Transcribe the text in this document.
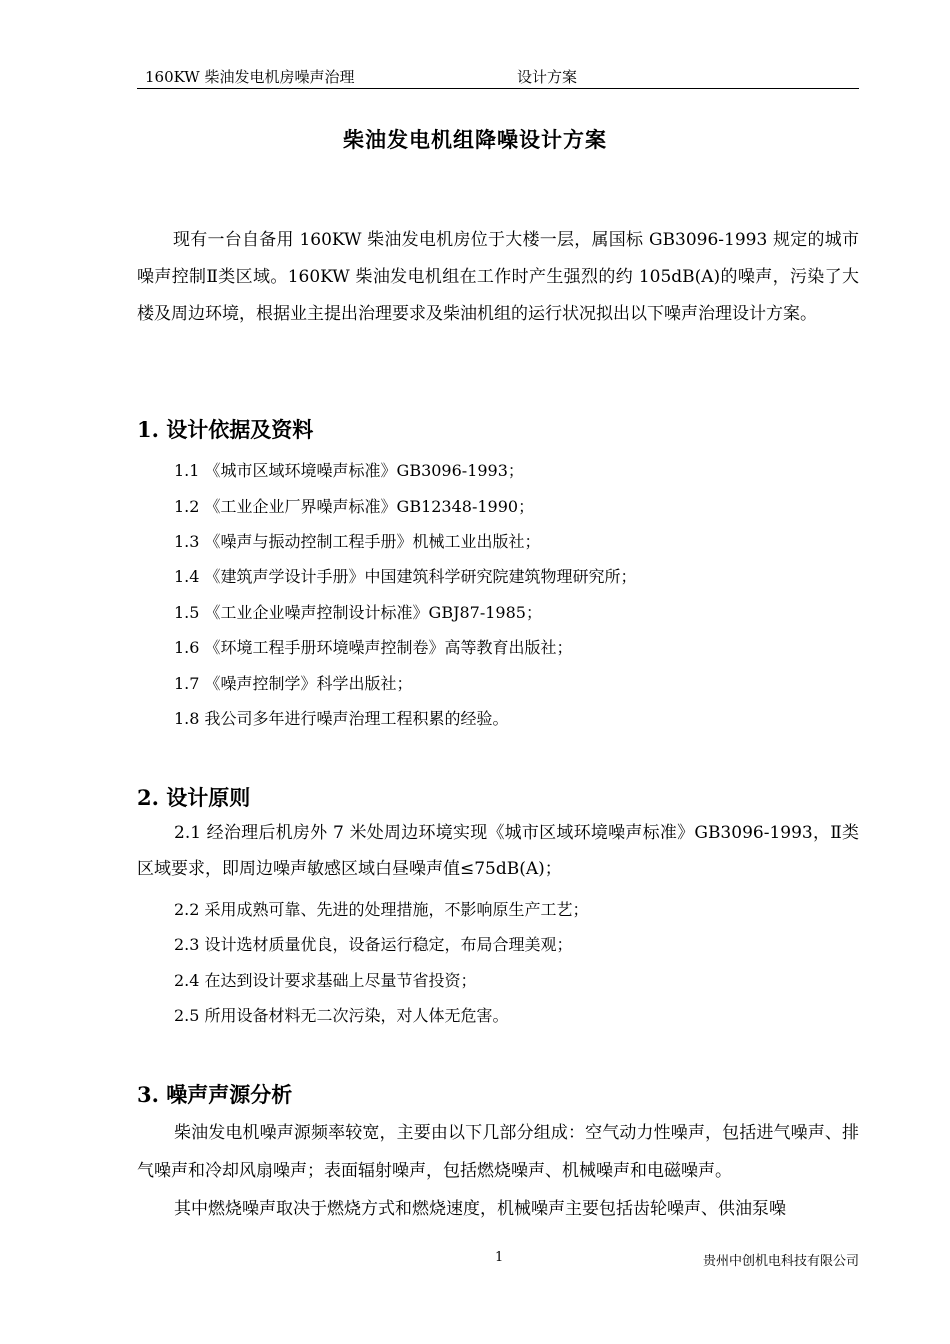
160KW 柴油发电机房噪声治理	设计方案
柴油发电机组降噪设计方案
现有一台自备用 160KW 柴油发电机房位于大楼一层，属国标 GB3096-1993 规定的城市噪声控制Ⅱ类区域。160KW 柴油发电机组在工作时产生强烈的约 105dB(A)的噪声，污染了大楼及周边环境，根据业主提出治理要求及柴油机组的运行状况拟出以下噪声治理设计方案。
1. 设计依据及资料
1.1 《城市区域环境噪声标准》GB3096-1993；
1.2 《工业企业厂界噪声标准》GB12348-1990；
1.3 《噪声与振动控制工程手册》机械工业出版社；
1.4 《建筑声学设计手册》中国建筑科学研究院建筑物理研究所；
1.5 《工业企业噪声控制设计标准》GBJ87-1985；
1.6 《环境工程手册环境噪声控制卷》高等教育出版社；
1.7 《噪声控制学》科学出版社；
1.8 我公司多年进行噪声治理工程积累的经验。
2. 设计原则
2.1 经治理后机房外 7 米处周边环境实现《城市区域环境噪声标准》GB3096-1993，Ⅱ类区域要求，即周边噪声敏感区域白昼噪声值≤75dB(A)；
2.2 采用成熟可靠、先进的处理措施，不影响原生产工艺；
2.3 设计选材质量优良，设备运行稳定，布局合理美观；
2.4 在达到设计要求基础上尽量节省投资；
2.5 所用设备材料无二次污染，对人体无危害。
3. 噪声声源分析
柴油发电机噪声源频率较宽，主要由以下几部分组成：空气动力性噪声，包括进气噪声、排气噪声和冷却风扇噪声；表面辐射噪声，包括燃烧噪声、机械噪声和电磁噪声。
其中燃烧噪声取决于燃烧方式和燃烧速度，机械噪声主要包括齿轮噪声、供油泵噪
1	贵州中创机电科技有限公司
